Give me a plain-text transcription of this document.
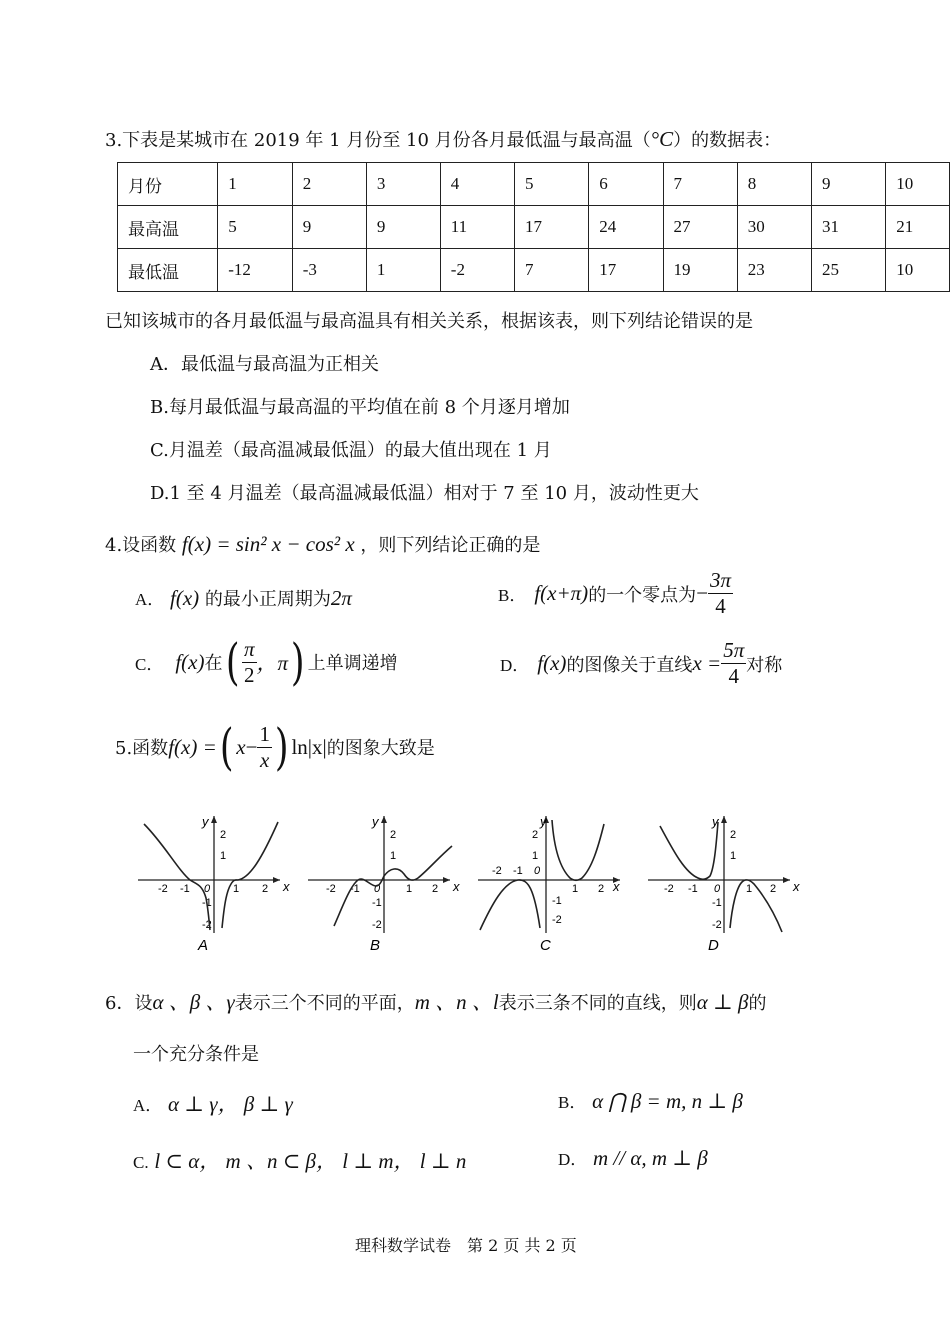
3.下表是某城市在 2019 年 1 月份至 10 月份各月最低温与最高温（°C）的数据表：
月份	1	2	3	4	5	6	7	8	9	10
最高温	5	9	9	11	17	24	27	30	31	21
最低温	-12	-3	1	-2	7	17	19	23	25	10
已知该城市的各月最低温与最高温具有相关关系，根据该表，则下列结论错误的是
A．最低温与最高温为正相关
B.每月最低温与最高温的平均值在前 8 个月逐月增加
C.月温差（最高温减最低温）的最大值出现在 1 月
D.1 至 4 月温差（最高温减最低温）相对于 7 至 10 月，波动性更大
4.设函数 f(x) = sin² x − cos² x ，则下列结论正确的是
A． f(x) 的最小正周期为2π	B． f(x+π) 的一个零点为 − $\frac{3\pi}{4}$
C． f(x) 在 ( $\frac{\pi}{2}$ ，π ) 上单调递增	D． f(x) 的图像关于直线 $x = \frac{5\pi}{4}$ 对称
5.函数 f(x) = ( $x - \frac{1}{x}$ ) ln|x| 的图象大致是
y
x
0
-2 -1	1 2
2
1
-1
-2
A
y
x
0
-2 -1	1 2
2
1
-1
-2
B
y
x
0
-2 -1
1 2
2
1
-1
-2
C
y
x
0
-2 -1	1 2
2
1
-1
-2
D
6．设α 、β 、γ表示三个不同的平面，m 、n 、l表示三条不同的直线，则α ⊥ β的
一个充分条件是
A． α ⊥ γ， β ⊥ γ	B． α ⋂ β = m, n ⊥ β
C. l ⊂ α， m 、n ⊂ β， l ⊥ m， l ⊥ n	D． m // α, m ⊥ β
理科数学试卷　第 2 页 共 2 页
